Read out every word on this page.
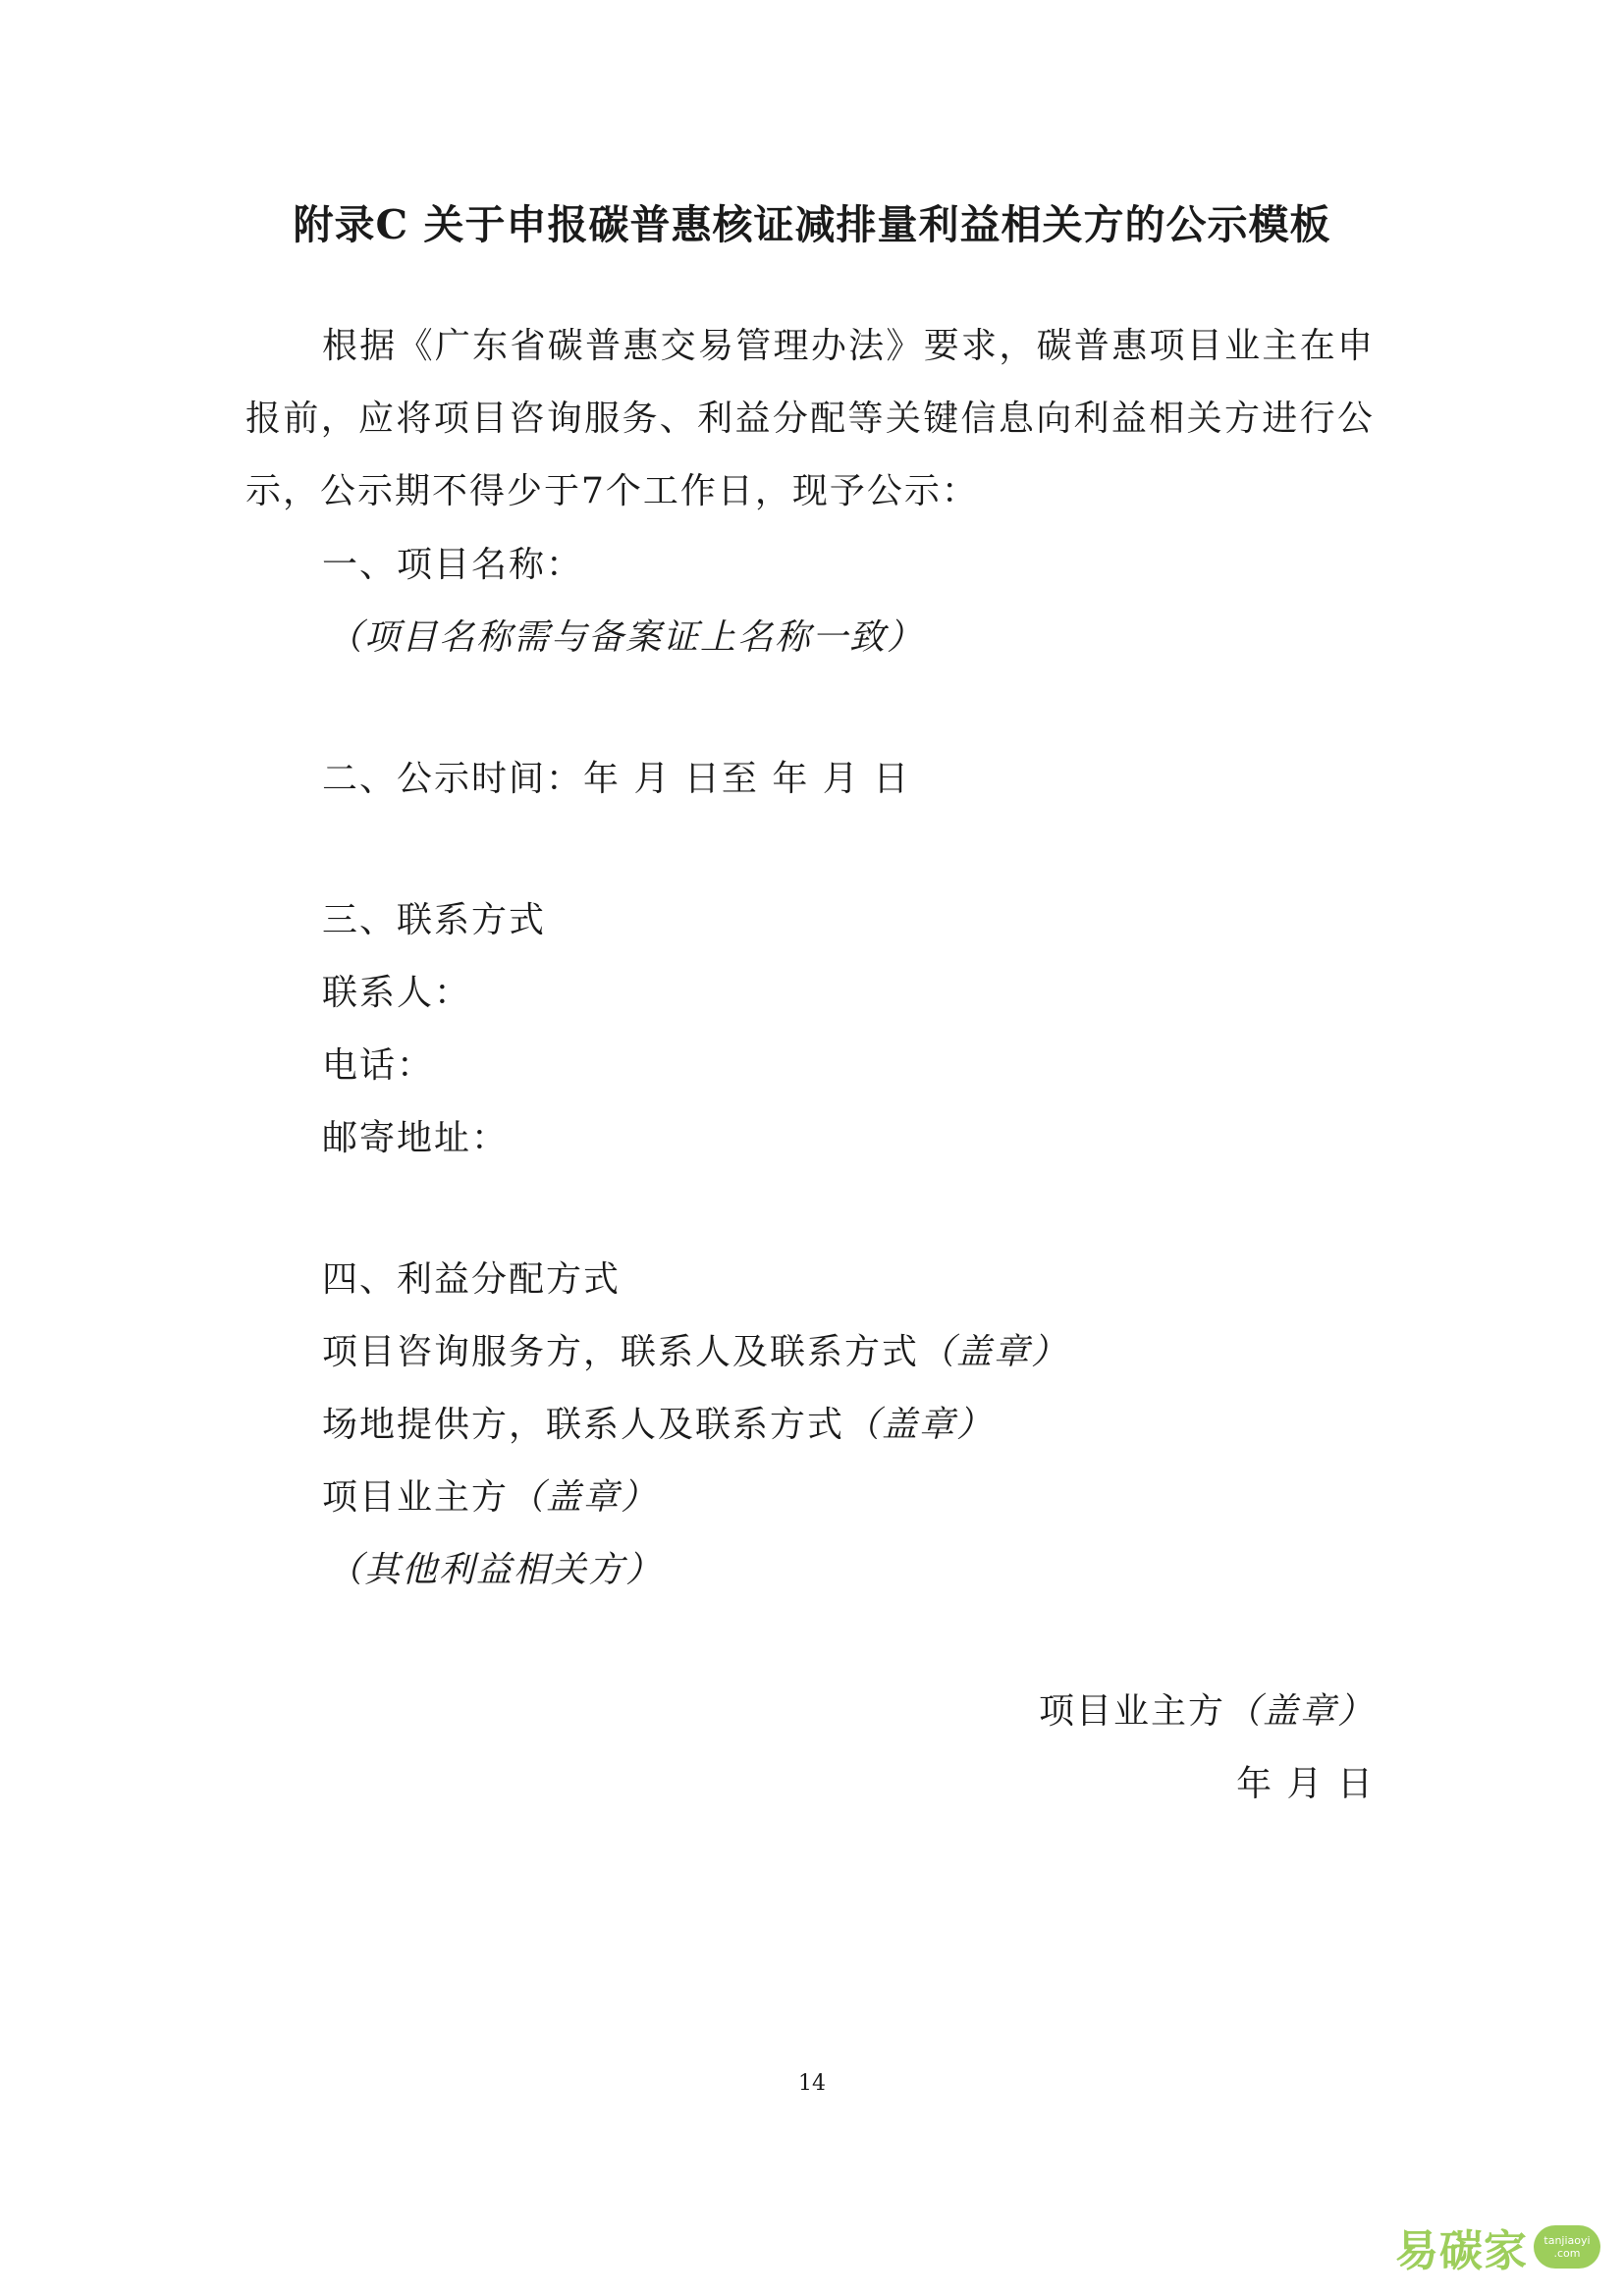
附录C 关于申报碳普惠核证减排量利益相关方的公示模板

根据《广东省碳普惠交易管理办法》要求，碳普惠项目业主在申报前，应将项目咨询服务、利益分配等关键信息向利益相关方进行公示，公示期不得少于7个工作日，现予公示：

一、项目名称：
（项目名称需与备案证上名称一致）
二、公示时间：年 月 日至 年 月 日
三、联系方式
联系人：
电话：
邮寄地址：
四、利益分配方式
项目咨询服务方，联系人及联系方式（盖章）
场地提供方，联系人及联系方式（盖章）
项目业主方（盖章）
（其他利益相关方）
项目业主方（盖章）
年 月 日
14
易碳家 tanjiaoyi
.com
